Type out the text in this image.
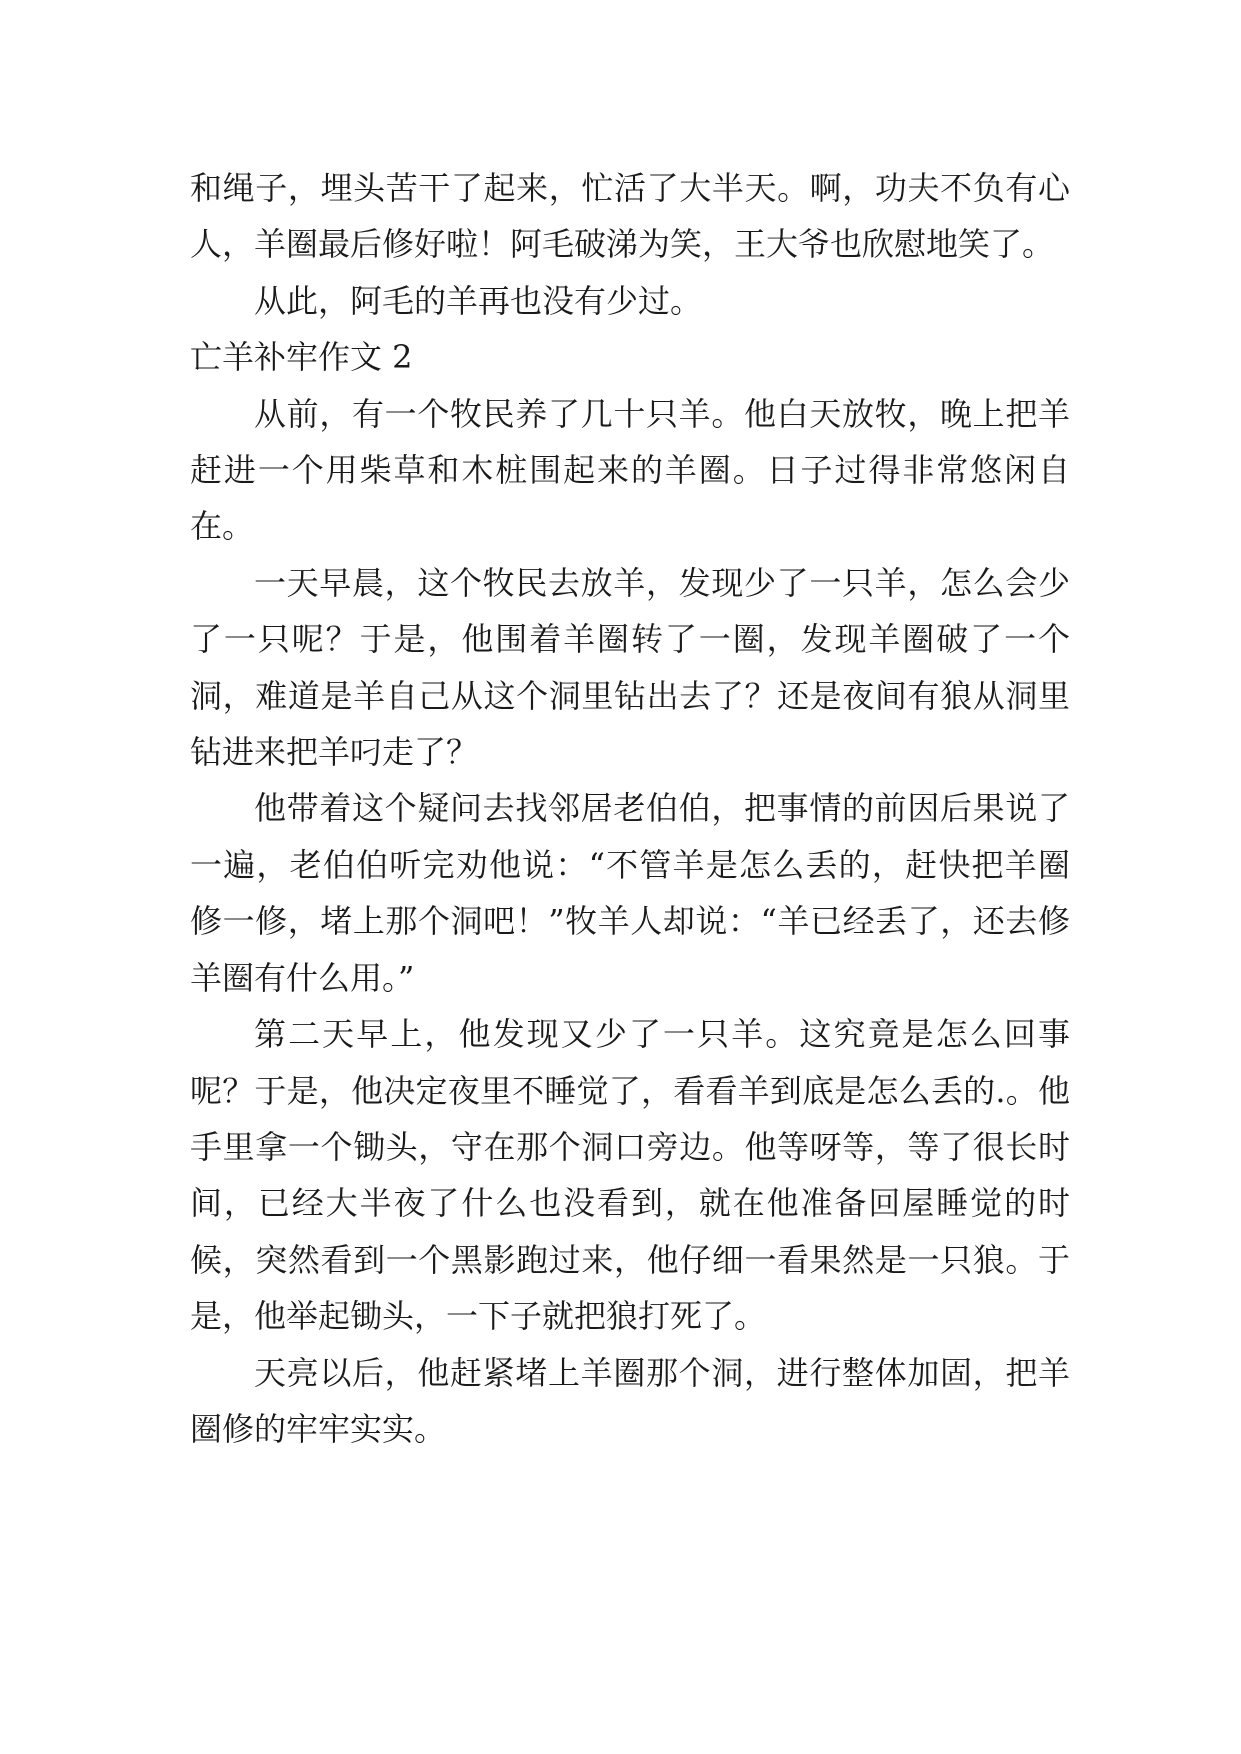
和绳子，埋头苦干了起来，忙活了大半天。啊，功夫不负有心人，羊圈最后修好啦！阿毛破涕为笑，王大爷也欣慰地笑了。

从此，阿毛的羊再也没有少过。

亡羊补牢作文 2

从前，有一个牧民养了几十只羊。他白天放牧，晚上把羊赶进一个用柴草和木桩围起来的羊圈。日子过得非常悠闲自在。

一天早晨，这个牧民去放羊，发现少了一只羊，怎么会少了一只呢？于是，他围着羊圈转了一圈，发现羊圈破了一个洞，难道是羊自己从这个洞里钻出去了？还是夜间有狼从洞里钻进来把羊叼走了？

他带着这个疑问去找邻居老伯伯，把事情的前因后果说了一遍，老伯伯听完劝他说：“不管羊是怎么丢的，赶快把羊圈修一修，堵上那个洞吧！”牧羊人却说：“羊已经丢了，还去修羊圈有什么用。”

第二天早上，他发现又少了一只羊。这究竟是怎么回事呢？于是，他决定夜里不睡觉了，看看羊到底是怎么丢的.。他手里拿一个锄头，守在那个洞口旁边。他等呀等，等了很长时间，已经大半夜了什么也没看到，就在他准备回屋睡觉的时候，突然看到一个黑影跑过来，他仔细一看果然是一只狼。于是，他举起锄头，一下子就把狼打死了。

天亮以后，他赶紧堵上羊圈那个洞，进行整体加固，把羊圈修的牢牢实实。
